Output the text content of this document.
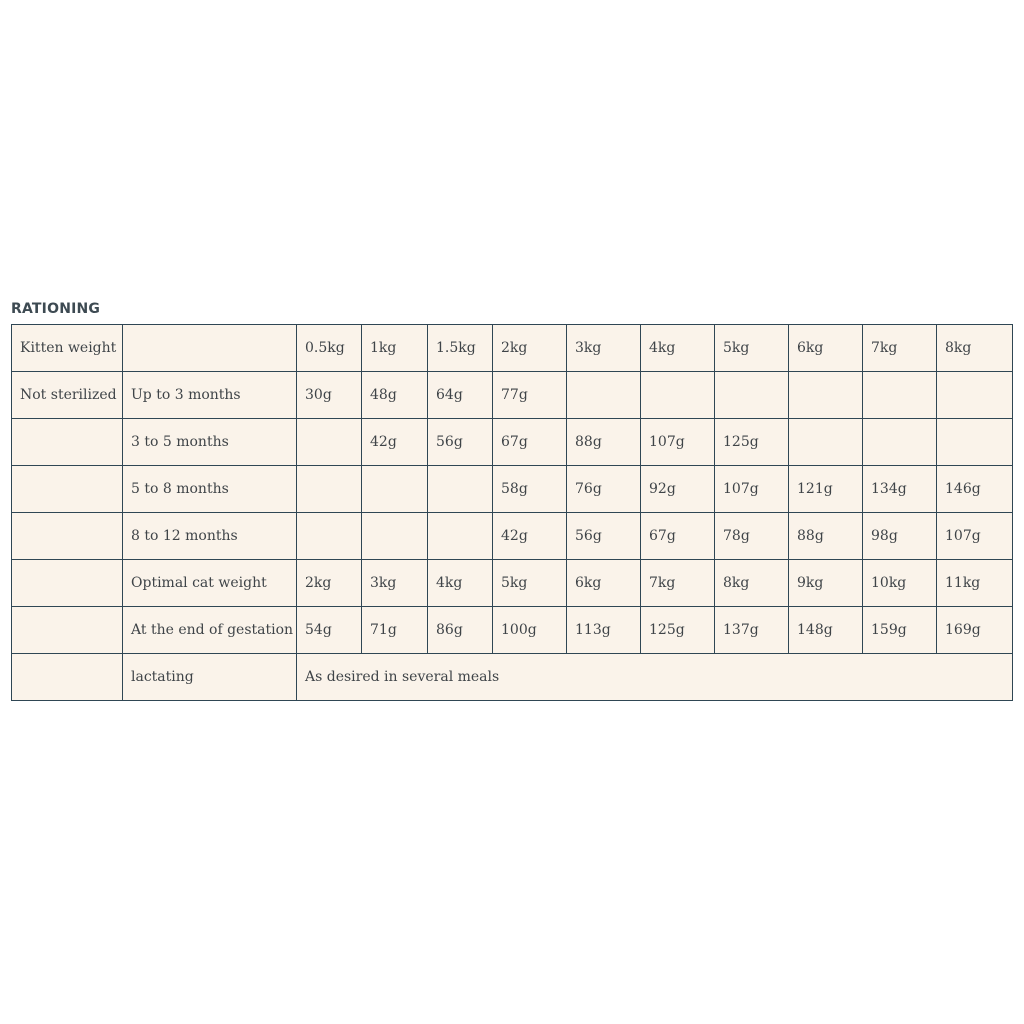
RATIONING
Kitten weight		0.5kg	1kg	1.5kg	2kg	3kg	4kg	5kg	6kg	7kg	8kg
Not sterilized	Up to 3 months	30g	48g	64g	77g						
	3 to 5 months		42g	56g	67g	88g	107g	125g			
	5 to 8 months				58g	76g	92g	107g	121g	134g	146g
	8 to 12 months				42g	56g	67g	78g	88g	98g	107g
	Optimal cat weight	2kg	3kg	4kg	5kg	6kg	7kg	8kg	9kg	10kg	11kg
	At the end of gestation	54g	71g	86g	100g	113g	125g	137g	148g	159g	169g
	lactating	As desired in several meals									
